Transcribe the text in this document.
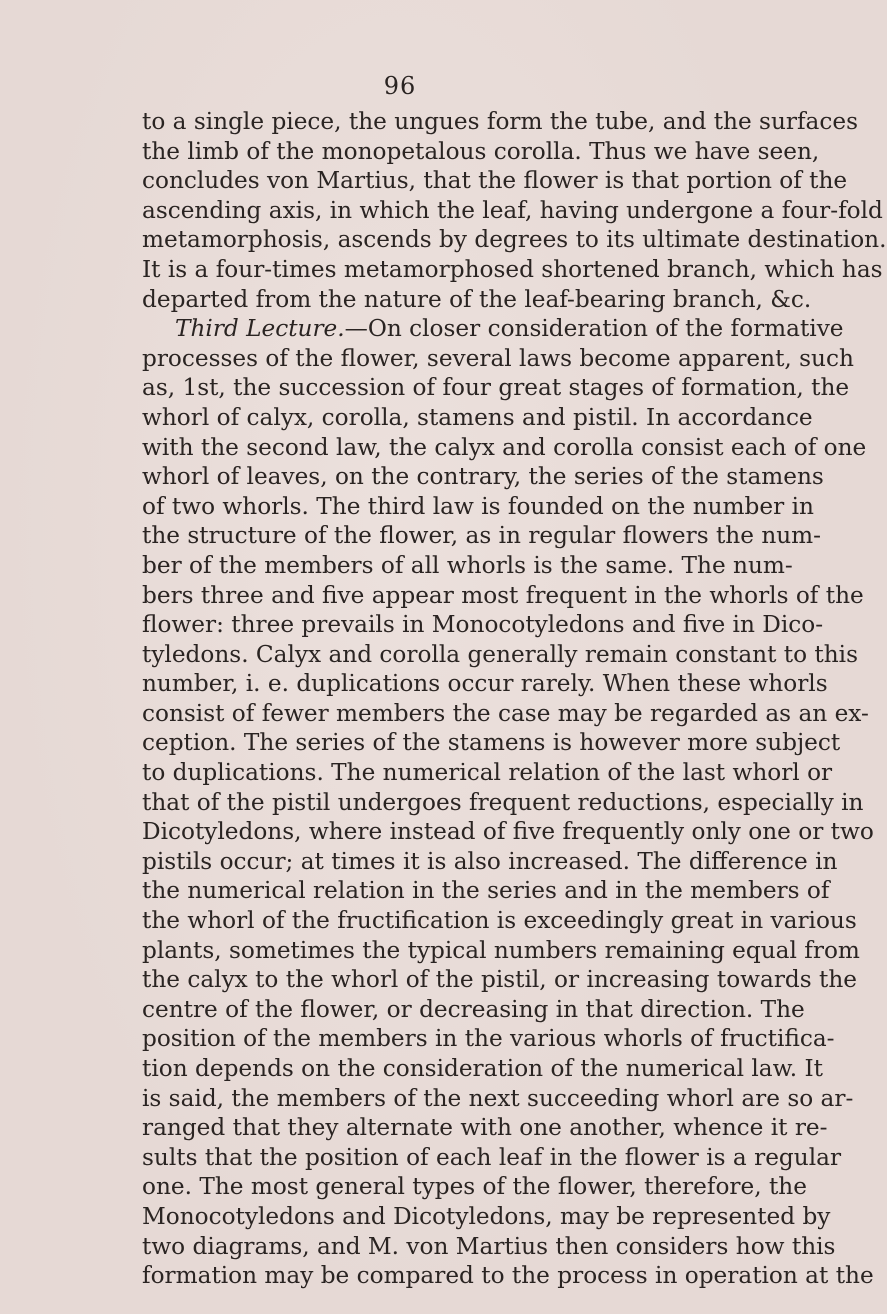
96
to a single piece, the ungues form the tube, and the surfaces
the limb of the monopetalous corolla. Thus we have seen,
concludes von Martius, that the flower is that portion of the
ascending axis, in which the leaf, having undergone a four-fold
metamorphosis, ascends by degrees to its ultimate destination.
It is a four-times metamorphosed shortened branch, which has
departed from the nature of the leaf-bearing branch, &c.
Third Lecture.—On closer consideration of the formative
processes of the flower, several laws become apparent, such
as, 1st, the succession of four great stages of formation, the
whorl of calyx, corolla, stamens and pistil. In accordance
with the second law, the calyx and corolla consist each of one
whorl of leaves, on the contrary, the series of the stamens
of two whorls. The third law is founded on the number in
the structure of the flower, as in regular flowers the num-
ber of the members of all whorls is the same. The num-
bers three and five appear most frequent in the whorls of the
flower: three prevails in Monocotyledons and five in Dico-
tyledons. Calyx and corolla generally remain constant to this
number, i. e. duplications occur rarely. When these whorls
consist of fewer members the case may be regarded as an ex-
ception. The series of the stamens is however more subject
to duplications. The numerical relation of the last whorl or
that of the pistil undergoes frequent reductions, especially in
Dicotyledons, where instead of five frequently only one or two
pistils occur; at times it is also increased. The difference in
the numerical relation in the series and in the members of
the whorl of the fructification is exceedingly great in various
plants, sometimes the typical numbers remaining equal from
the calyx to the whorl of the pistil, or increasing towards the
centre of the flower, or decreasing in that direction. The
position of the members in the various whorls of fructifica-
tion depends on the consideration of the numerical law. It
is said, the members of the next succeeding whorl are so ar-
ranged that they alternate with one another, whence it re-
sults that the position of each leaf in the flower is a regular
one. The most general types of the flower, therefore, the
Monocotyledons and Dicotyledons, may be represented by
two diagrams, and M. von Martius then considers how this
formation may be compared to the process in operation at the
